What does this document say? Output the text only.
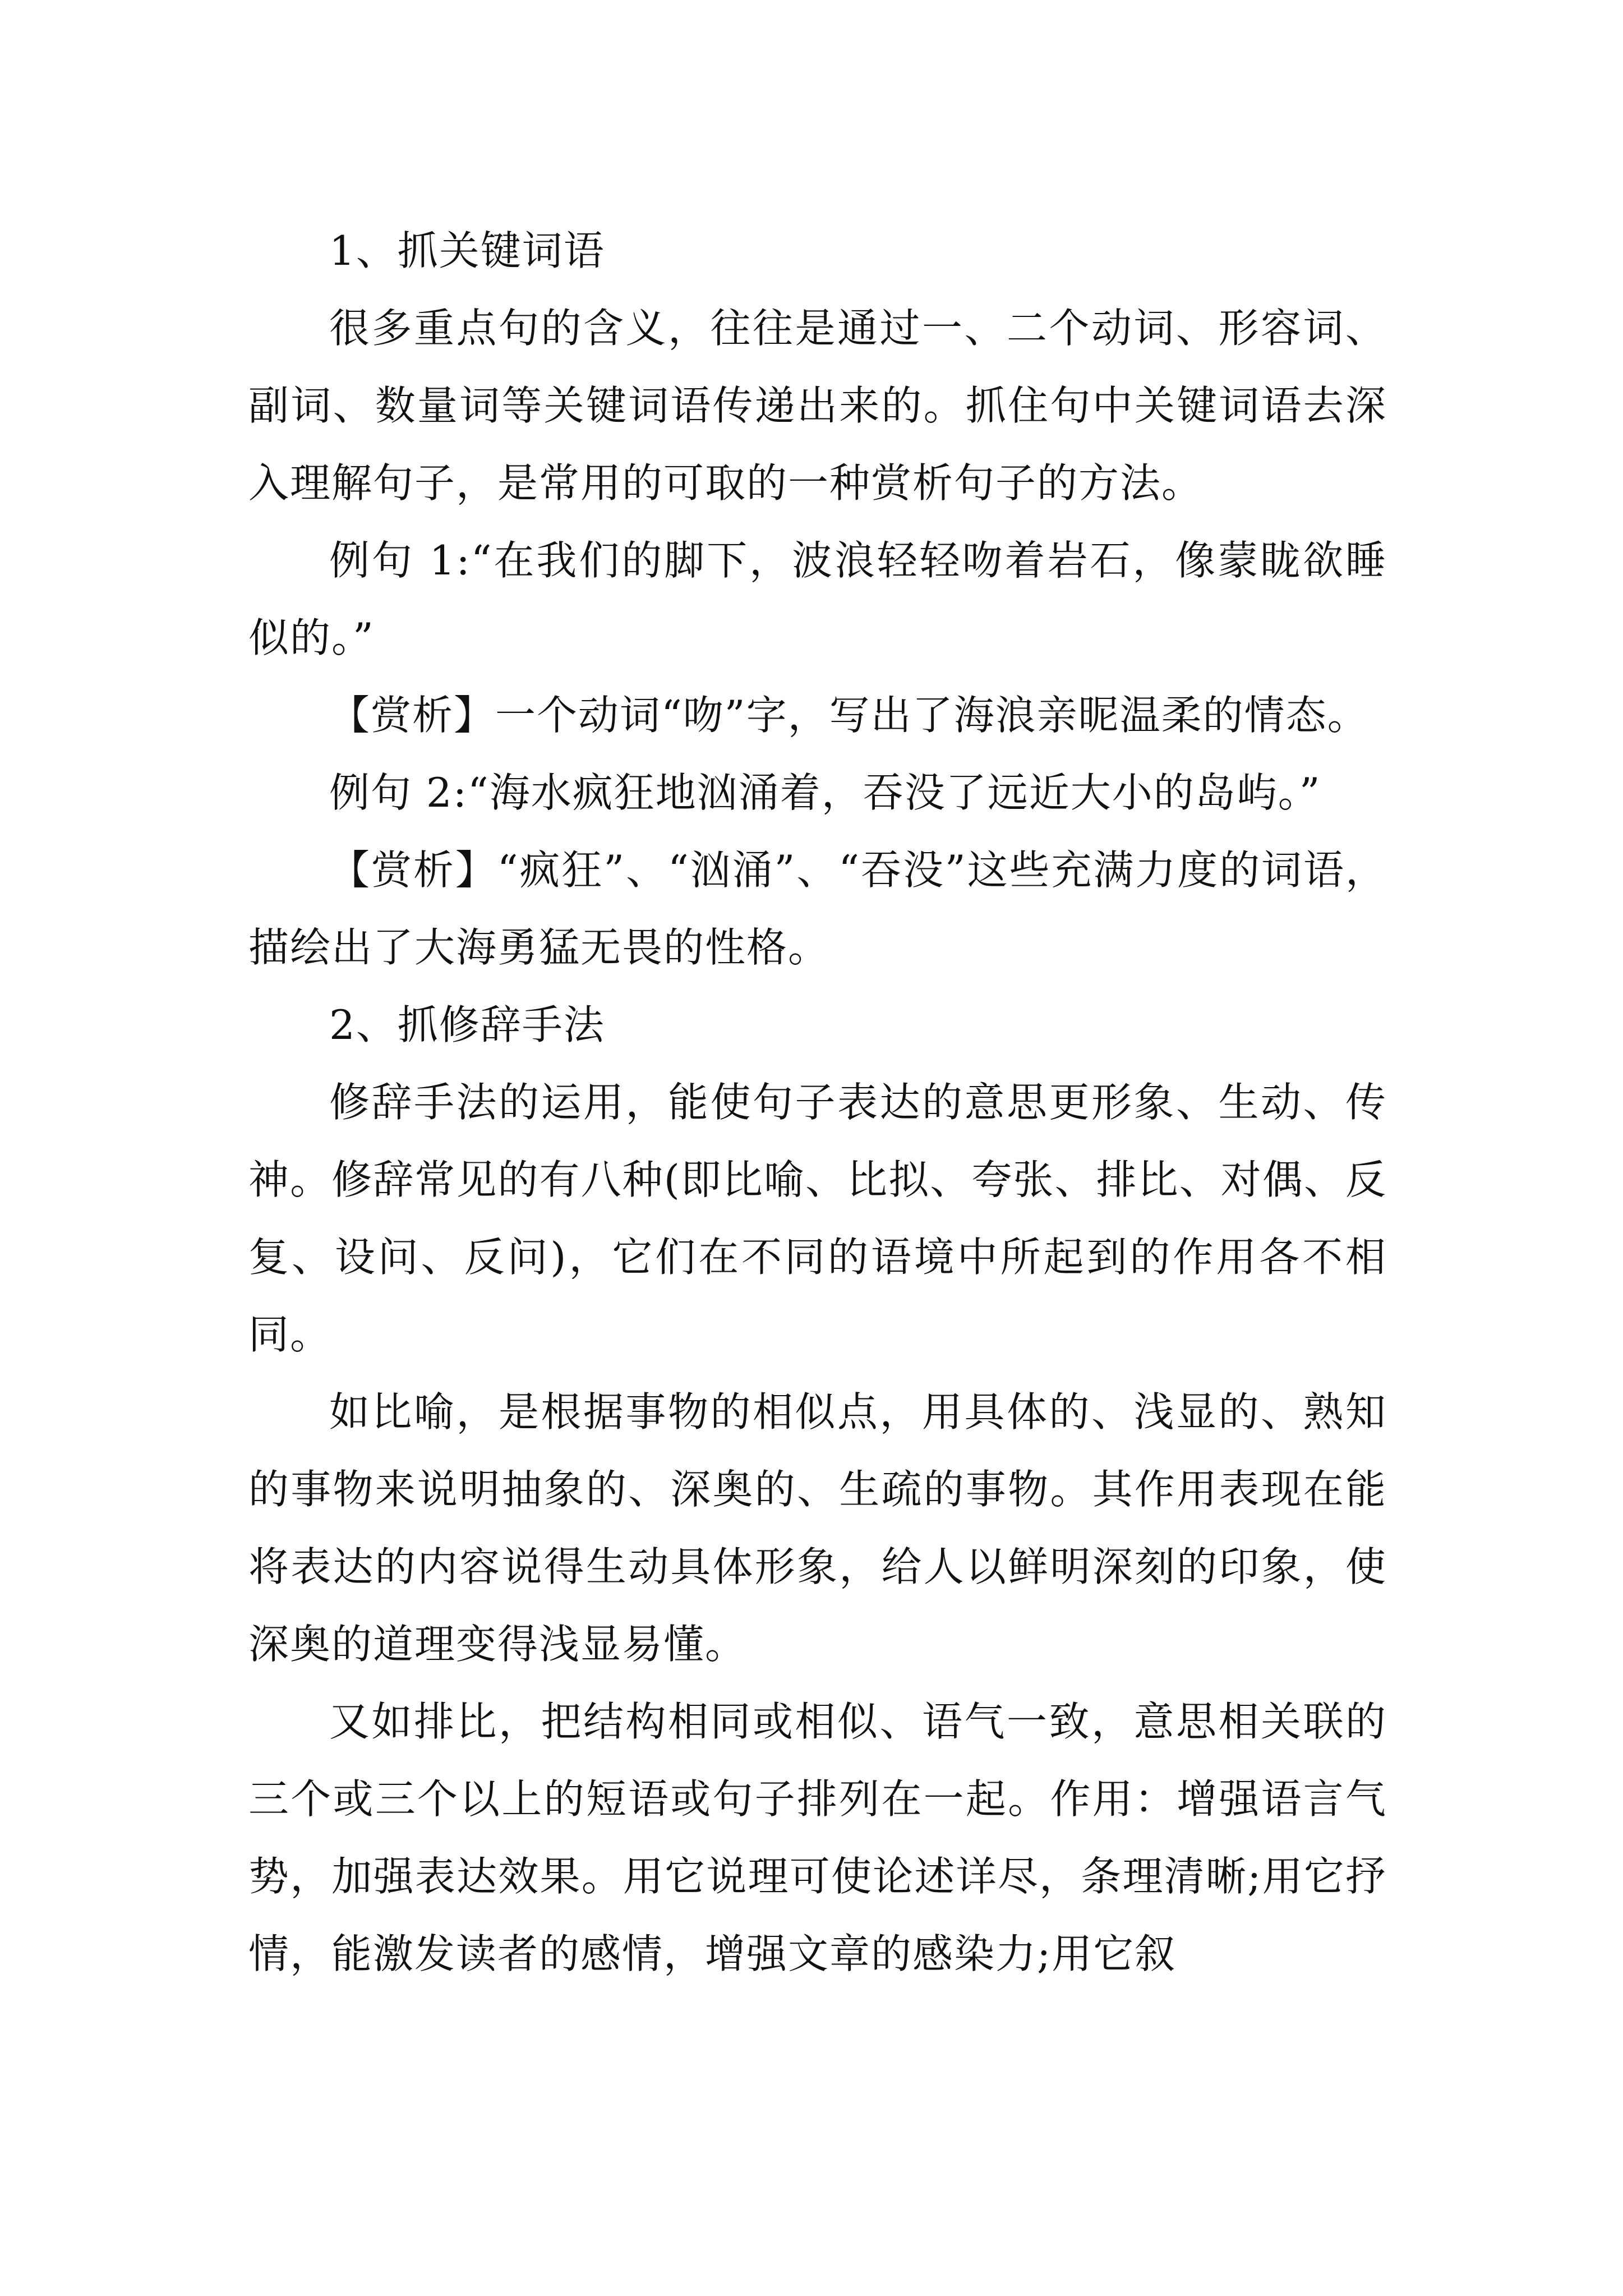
1、抓关键词语

很多重点句的含义，往往是通过一、二个动词、形容词、副词、数量词等关键词语传递出来的。抓住句中关键词语去深入理解句子，是常用的可取的一种赏析句子的方法。

例句 1:“在我们的脚下，波浪轻轻吻着岩石，像蒙眬欲睡似的。”

【赏析】一个动词“吻”字，写出了海浪亲昵温柔的情态。

例句 2:“海水疯狂地汹涌着，吞没了远近大小的岛屿。”

【赏析】“疯狂”、“汹涌”、“吞没”这些充满力度的词语，描绘出了大海勇猛无畏的性格。

2、抓修辞手法

修辞手法的运用，能使句子表达的意思更形象、生动、传神。修辞常见的有八种(即比喻、比拟、夸张、排比、对偶、反复、设问、反问)，它们在不同的语境中所起到的作用各不相同。

如比喻，是根据事物的相似点，用具体的、浅显的、熟知的事物来说明抽象的、深奥的、生疏的事物。其作用表现在能将表达的内容说得生动具体形象，给人以鲜明深刻的印象，使深奥的道理变得浅显易懂。

又如排比，把结构相同或相似、语气一致，意思相关联的三个或三个以上的短语或句子排列在一起。作用：增强语言气势，加强表达效果。用它说理可使论述详尽，条理清晰;用它抒情，能激发读者的感情，增强文章的感染力;用它叙
